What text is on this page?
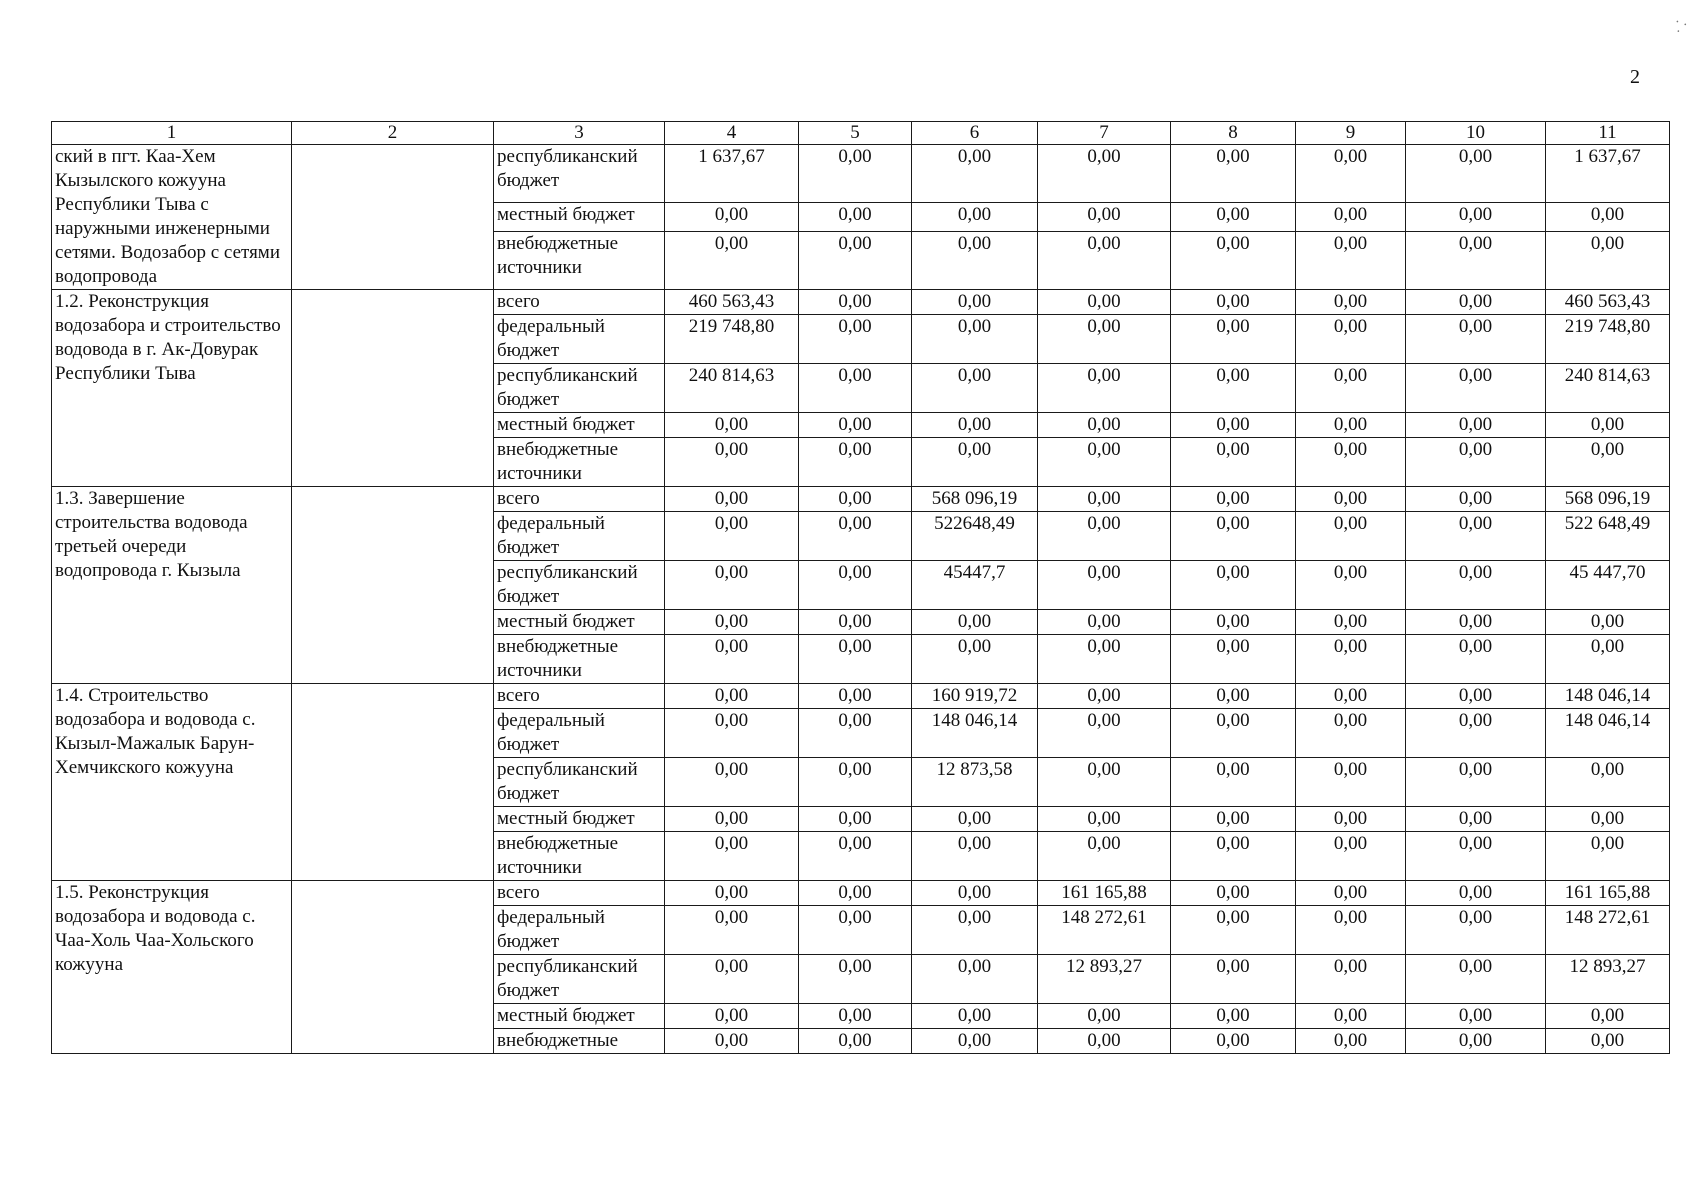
2
⸪
1	2	3	4	5	6	7	8	9	10	11
ский в пгт. Каа-Хем Кызылского кожууна Республики Тыва с наружными инженерными сетями. Водозабор с сетями водопровода		республиканский бюджет	1 637,67	0,00	0,00	0,00	0,00	0,00	0,00	1 637,67
		местный бюджет	0,00	0,00	0,00	0,00	0,00	0,00	0,00	0,00
		внебюджетные источники	0,00	0,00	0,00	0,00	0,00	0,00	0,00	0,00
1.2. Реконструкция водозабора и строительство водовода в г. Ак-Довурак Республики Тыва		всего	460 563,43	0,00	0,00	0,00	0,00	0,00	0,00	460 563,43
		федеральный бюджет	219 748,80	0,00	0,00	0,00	0,00	0,00	0,00	219 748,80
		республиканский бюджет	240 814,63	0,00	0,00	0,00	0,00	0,00	0,00	240 814,63
		местный бюджет	0,00	0,00	0,00	0,00	0,00	0,00	0,00	0,00
		внебюджетные источники	0,00	0,00	0,00	0,00	0,00	0,00	0,00	0,00
1.3. Завершение строительства водовода третьей очереди водопровода г. Кызыла		всего	0,00	0,00	568 096,19	0,00	0,00	0,00	0,00	568 096,19
		федеральный бюджет	0,00	0,00	522648,49	0,00	0,00	0,00	0,00	522 648,49
		республиканский бюджет	0,00	0,00	45447,7	0,00	0,00	0,00	0,00	45 447,70
		местный бюджет	0,00	0,00	0,00	0,00	0,00	0,00	0,00	0,00
		внебюджетные источники	0,00	0,00	0,00	0,00	0,00	0,00	0,00	0,00
1.4. Строительство водозабора и водовода с. Кызыл-Мажалык Барун-Хемчикского кожууна		всего	0,00	0,00	160 919,72	0,00	0,00	0,00	0,00	148 046,14
		федеральный бюджет	0,00	0,00	148 046,14	0,00	0,00	0,00	0,00	148 046,14
		республиканский бюджет	0,00	0,00	12 873,58	0,00	0,00	0,00	0,00	0,00
		местный бюджет	0,00	0,00	0,00	0,00	0,00	0,00	0,00	0,00
		внебюджетные источники	0,00	0,00	0,00	0,00	0,00	0,00	0,00	0,00
1.5. Реконструкция водозабора и водовода с. Чаа-Холь Чаа-Хольского кожууна		всего	0,00	0,00	0,00	161 165,88	0,00	0,00	0,00	161 165,88
		федеральный бюджет	0,00	0,00	0,00	148 272,61	0,00	0,00	0,00	148 272,61
		республиканский бюджет	0,00	0,00	0,00	12 893,27	0,00	0,00	0,00	12 893,27
		местный бюджет	0,00	0,00	0,00	0,00	0,00	0,00	0,00	0,00
		внебюджетные	0,00	0,00	0,00	0,00	0,00	0,00	0,00	0,00
